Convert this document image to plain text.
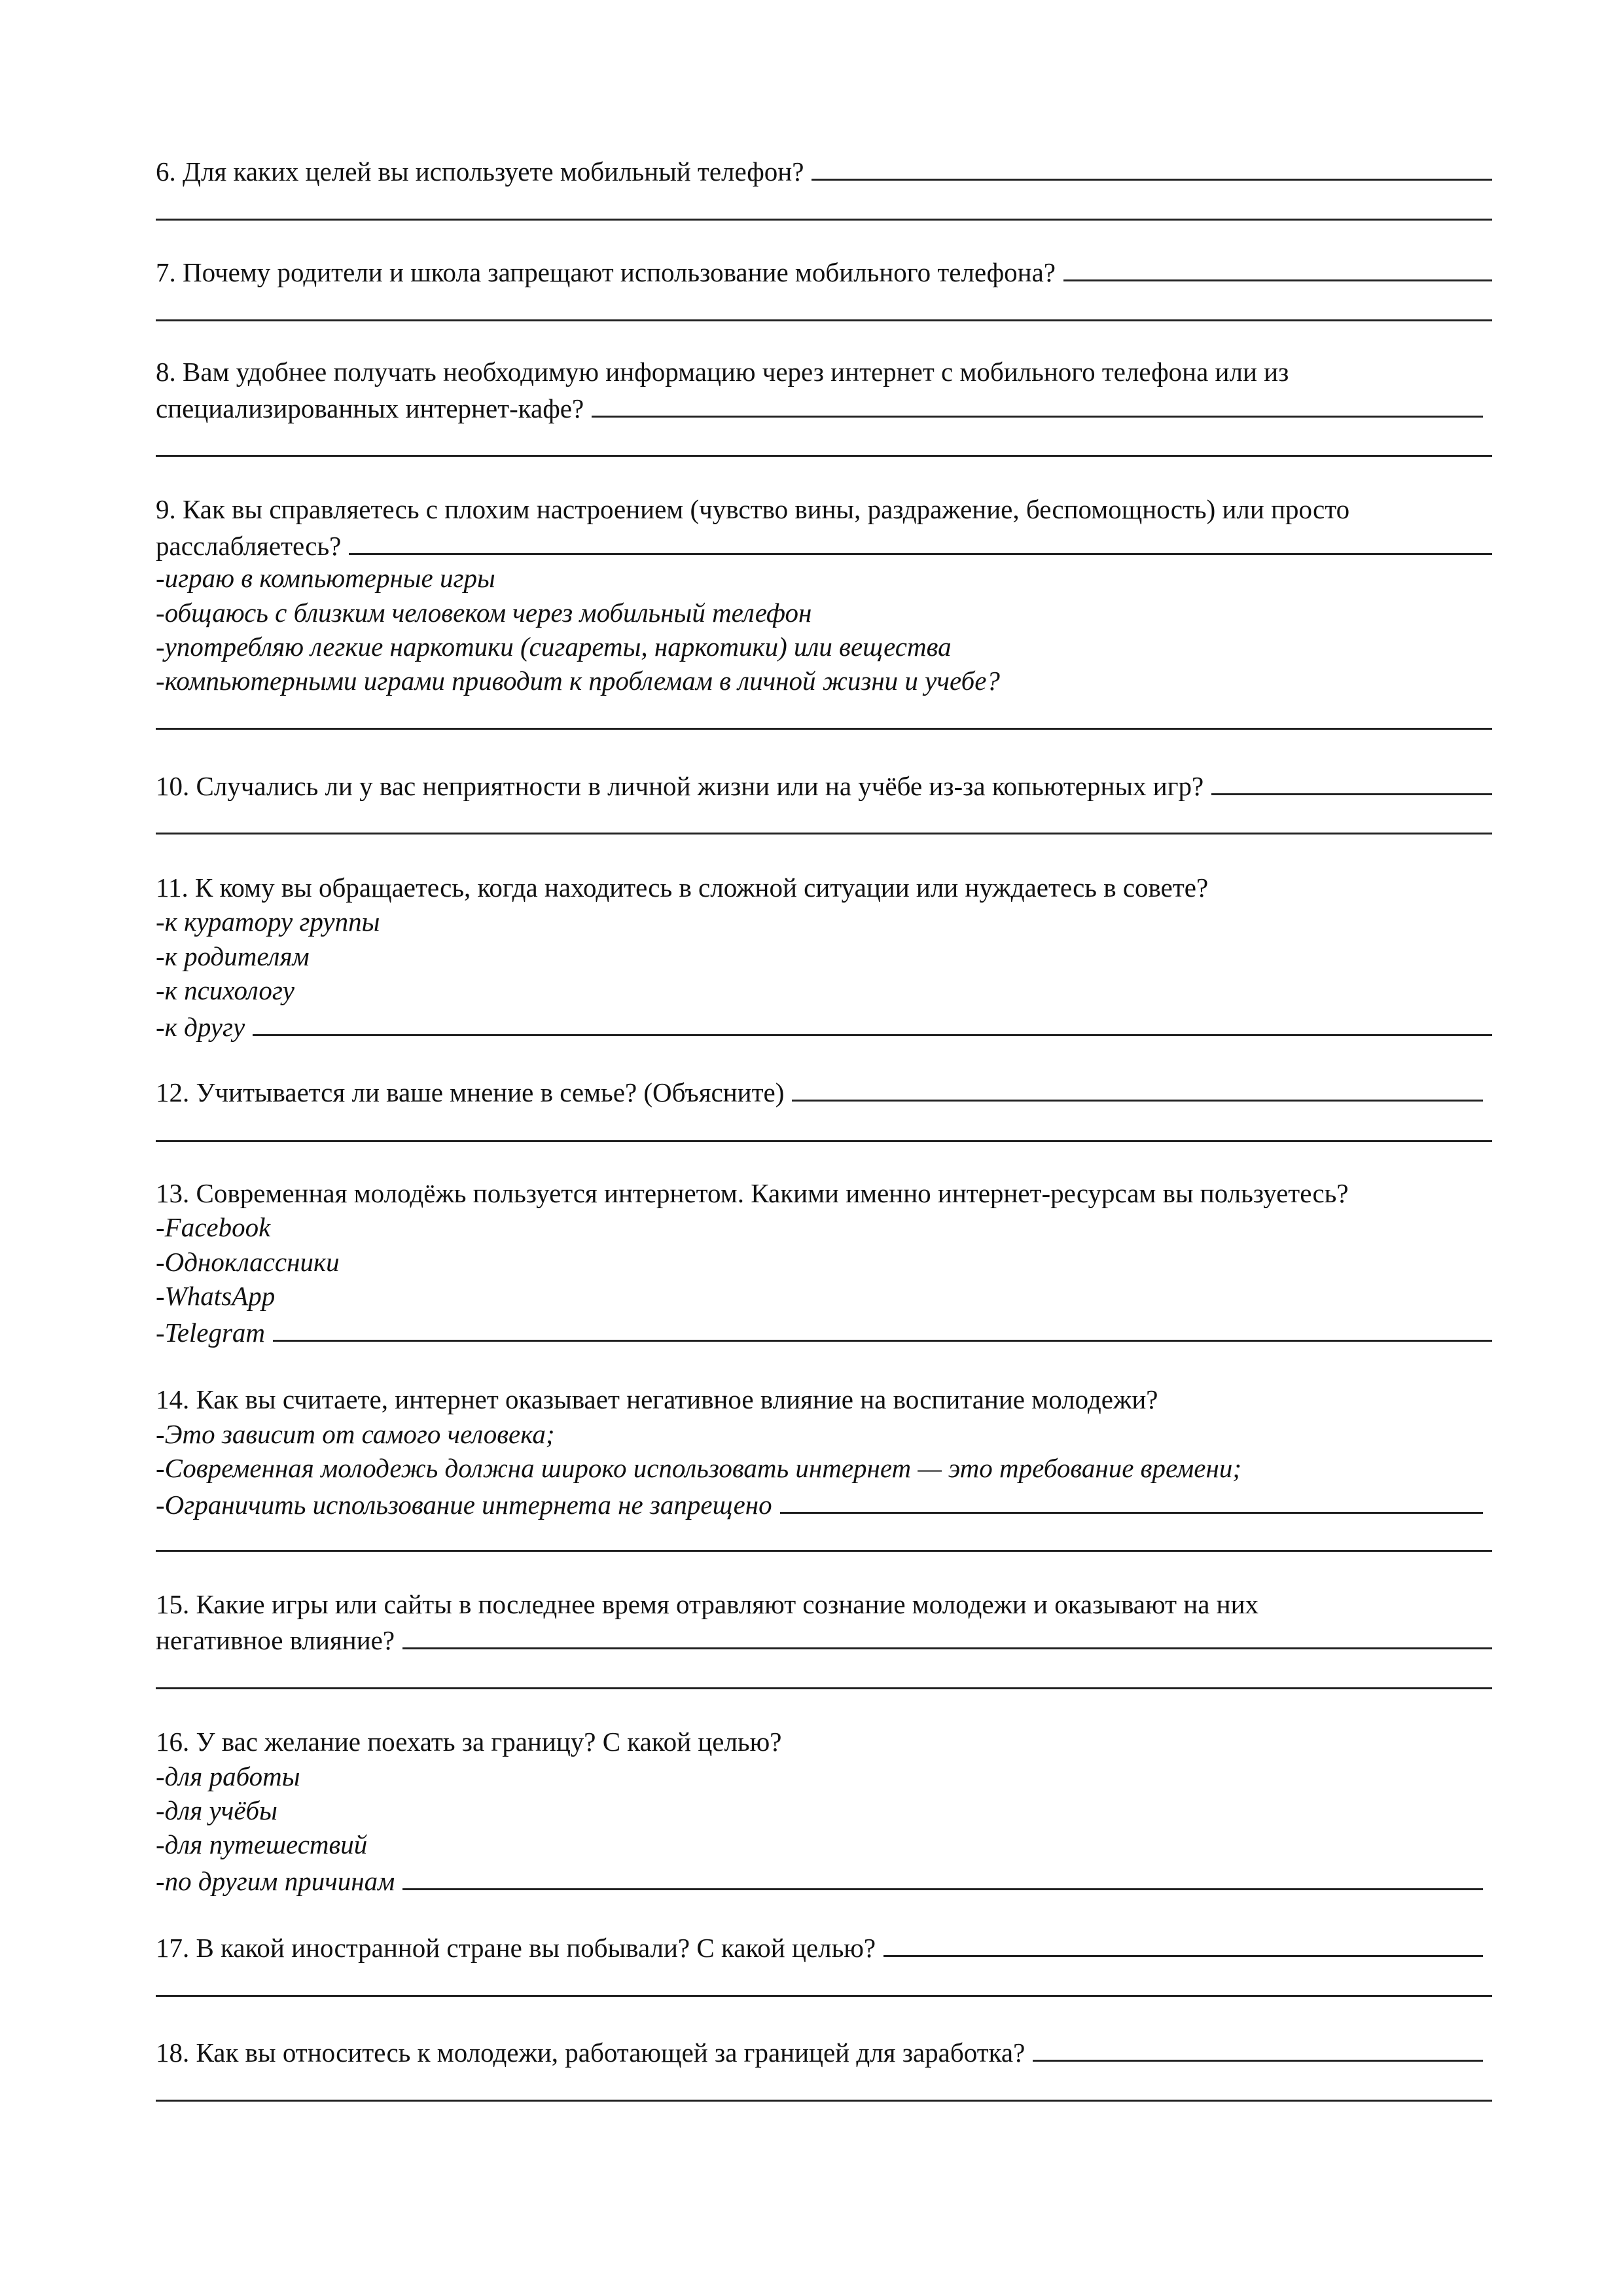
6. Для каких целей вы используете мобильный телефон?
7. Почему родители и школа запрещают использование мобильного телефона?
8. Вам удобнее получать необходимую информацию через интернет с мобильного телефона или из
специализированных интернет-кафе?
9. Как вы справляетесь с плохим настроением (чувство вины, раздражение, беспомощность) или просто
расслабляетесь?
-играю в компьютерные игры
-общаюсь с близким человеком через мобильный телефон
-употребляю легкие наркотики (сигареты, наркотики) или вещества
-компьютерными играми приводит к проблемам в личной жизни и учебе?
10. Случались ли у вас неприятности в личной жизни или на учёбе из-за копьютерных игр?
11. К кому вы обращаетесь, когда находитесь в сложной ситуации или нуждаетесь в совете?
-к куратору группы
-к родителям
-к психологу
-к другу
12. Учитывается ли ваше мнение в семье? (Объясните)
13. Современная молодёжь пользуется интернетом. Какими именно интернет-ресурсам вы пользуетесь?
-Facebook
-Одноклассники
-WhatsApp
-Telegram
14. Как вы считаете, интернет оказывает негативное влияние на воспитание молодежи?
-Это зависит от самого человека;
-Современная молодежь должна широко использовать интернет — это требование времени;
-Ограничить использование интернета не запрещено
15. Какие игры или сайты в последнее время отравляют сознание молодежи и оказывают на них
негативное влияние?
16. У вас желание поехать за границу? С какой целью?
-для работы
-для учёбы
-для путешествий
-по другим причинам
17. В какой иностранной стране вы побывали? С какой целью?
18. Как вы относитесь к молодежи, работающей за границей для заработка?
